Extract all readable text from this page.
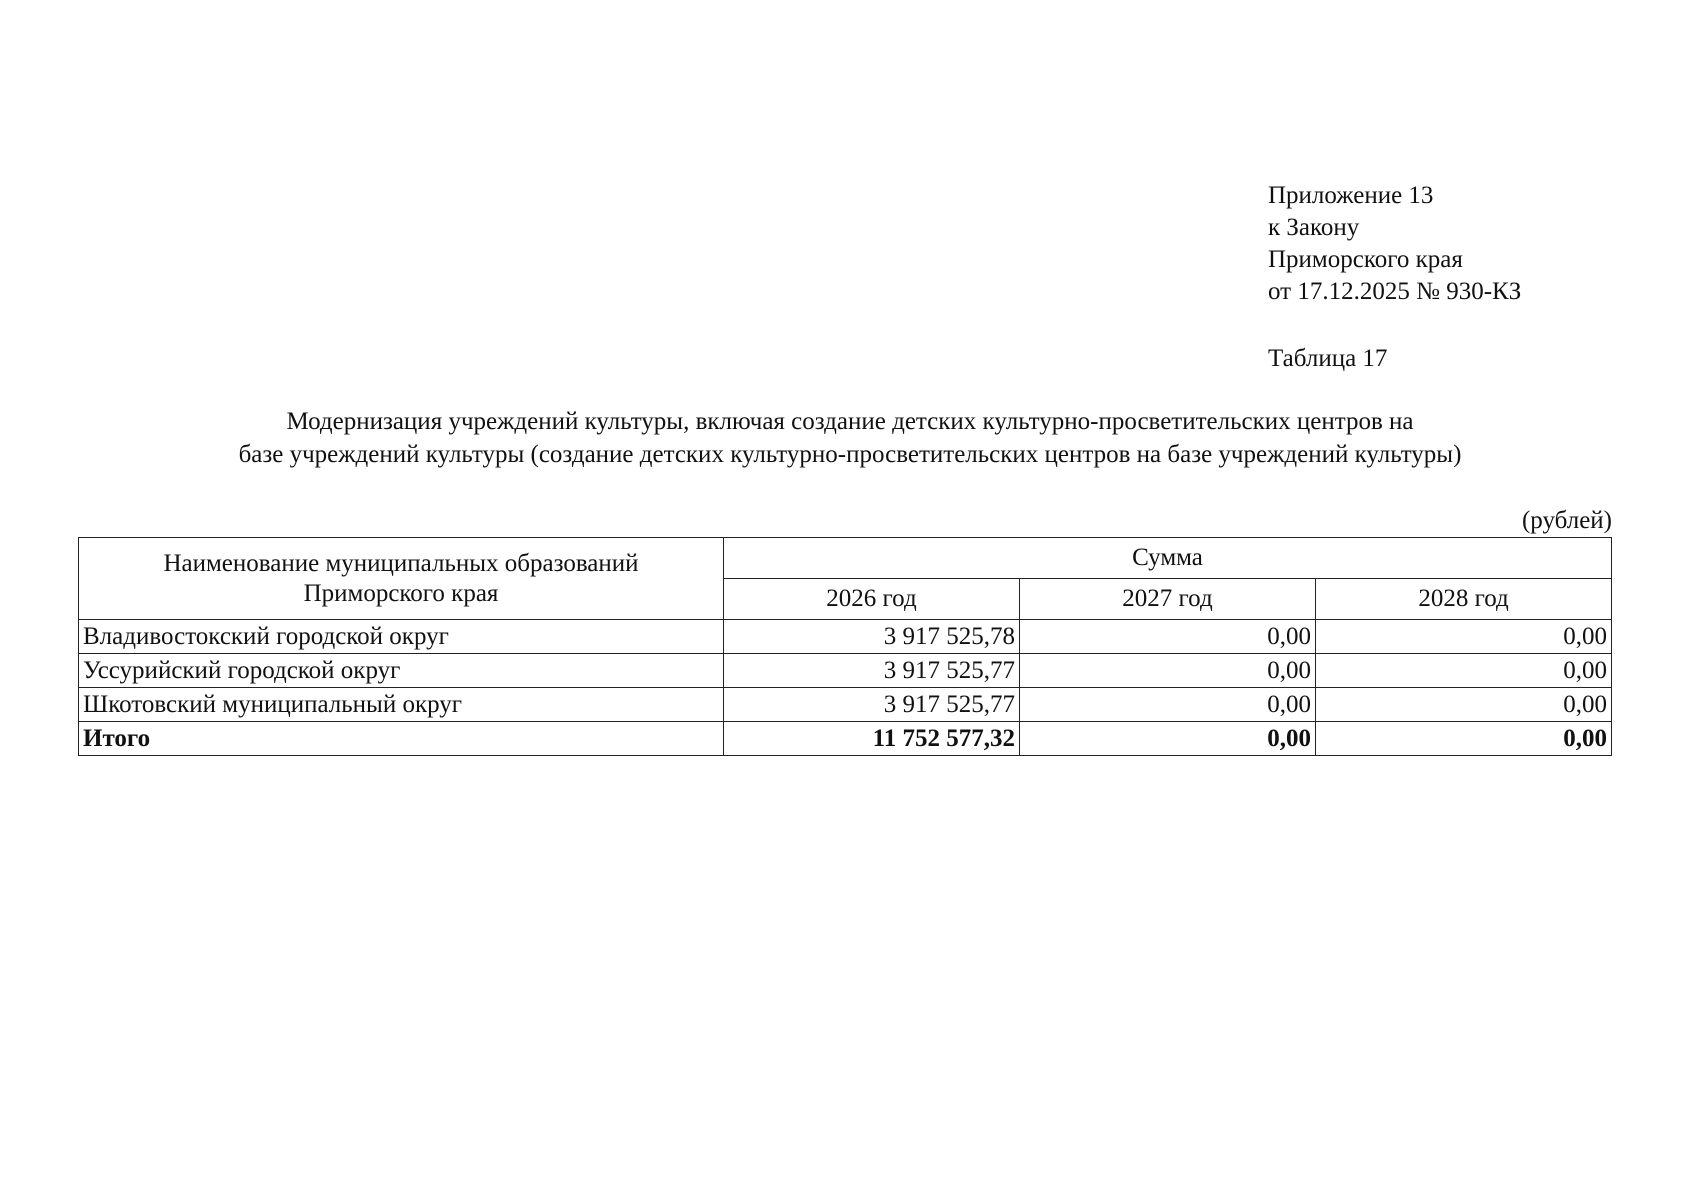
Приложение 13
к Закону
Приморского края
от 17.12.2025 № 930-КЗ
Таблица 17
Модернизация учреждений культуры, включая создание детских культурно-просветительских центров на
базе учреждений культуры (создание детских культурно-просветительских центров на базе учреждений культуры)
(рублей)
Наименование муниципальных образований
Приморского края	Сумма		
	2026 год	2027 год	2028 год
Владивостокский городской округ	3 917 525,78	0,00	0,00
Уссурийский городской округ	3 917 525,77	0,00	0,00
Шкотовский муниципальный округ	3 917 525,77	0,00	0,00
Итого	11 752 577,32	0,00	0,00
